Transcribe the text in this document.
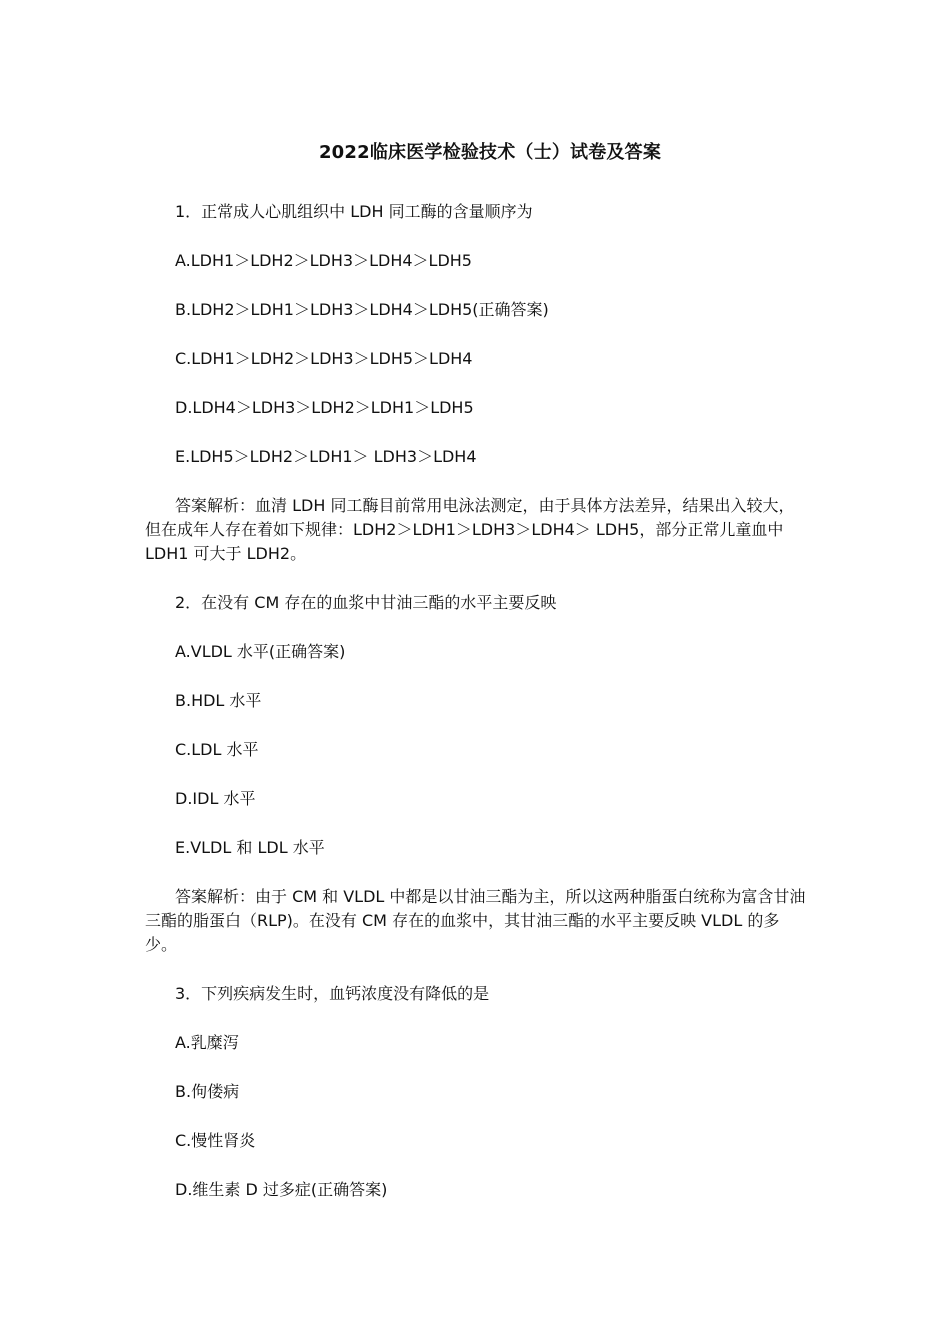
2022临床医学检验技术（士）试卷及答案
1．正常成人心肌组织中 LDH 同工酶的含量顺序为
A.LDH1＞LDH2＞LDH3＞LDH4＞LDH5
B.LDH2＞LDH1＞LDH3＞LDH4＞LDH5(正确答案)
C.LDH1＞LDH2＞LDH3＞LDH5＞LDH4
D.LDH4＞LDH3＞LDH2＞LDH1＞LDH5
E.LDH5＞LDH2＞LDH1＞ LDH3＞LDH4
答案解析：血清 LDH 同工酶目前常用电泳法测定，由于具体方法差异，结果出入较大，但在成年人存在着如下规律：LDH2＞LDH1＞LDH3＞LDH4＞ LDH5，部分正常儿童血中 LDH1 可大于 LDH2。
2．在没有 CM 存在的血浆中甘油三酯的水平主要反映
A.VLDL 水平(正确答案)
B.HDL 水平
C.LDL 水平
D.IDL 水平
E.VLDL 和 LDL 水平
答案解析：由于 CM 和 VLDL 中都是以甘油三酯为主，所以这两种脂蛋白统称为富含甘油三酯的脂蛋白（RLP)。在没有 CM 存在的血浆中，其甘油三酯的水平主要反映 VLDL 的多少。
3．下列疾病发生时，血钙浓度没有降低的是
A.乳糜泻
B.佝偻病
C.慢性肾炎
D.维生素 D 过多症(正确答案)
